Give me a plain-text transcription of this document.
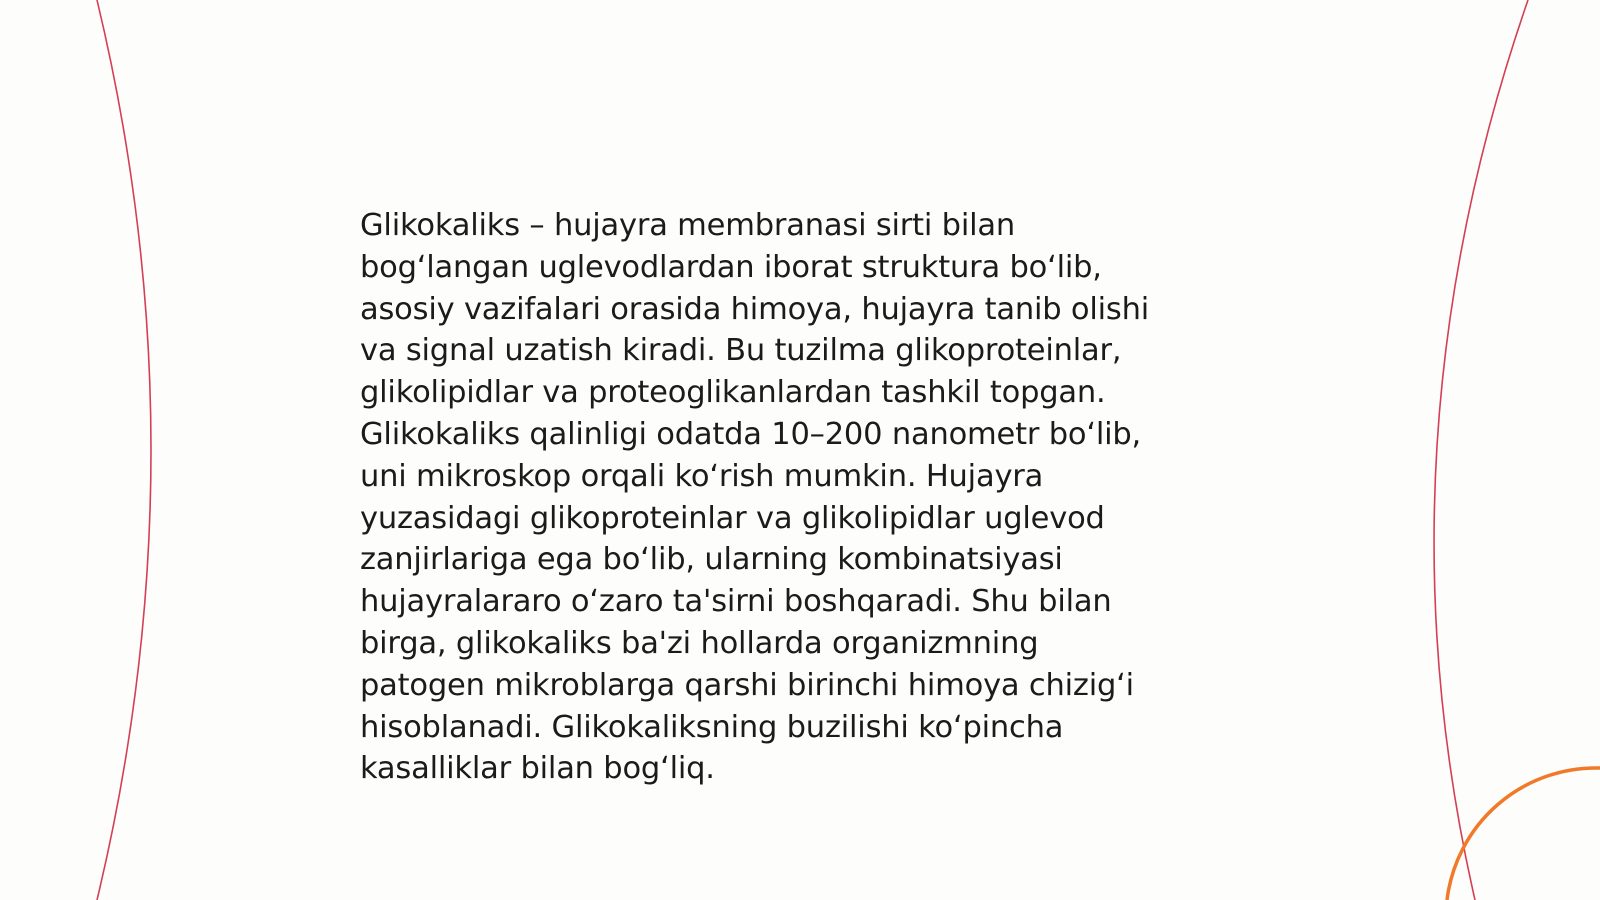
Glikokaliks – hujayra membranasi sirti bilan
bog‘langan uglevodlardan iborat struktura bo‘lib,
asosiy vazifalari orasida himoya, hujayra tanib olishi
va signal uzatish kiradi. Bu tuzilma glikoproteinlar,
glikolipidlar va proteoglikanlardan tashkil topgan.
Glikokaliks qalinligi odatda 10–200 nanometr bo‘lib,
uni mikroskop orqali ko‘rish mumkin. Hujayra
yuzasidagi glikoproteinlar va glikolipidlar uglevod
zanjirlariga ega bo‘lib, ularning kombinatsiyasi
hujayralararo o‘zaro ta'sirni boshqaradi. Shu bilan
birga, glikokaliks ba'zi hollarda organizmning
patogen mikroblarga qarshi birinchi himoya chizig‘i
hisoblanadi. Glikokaliksning buzilishi ko‘pincha
kasalliklar bilan bog‘liq.
